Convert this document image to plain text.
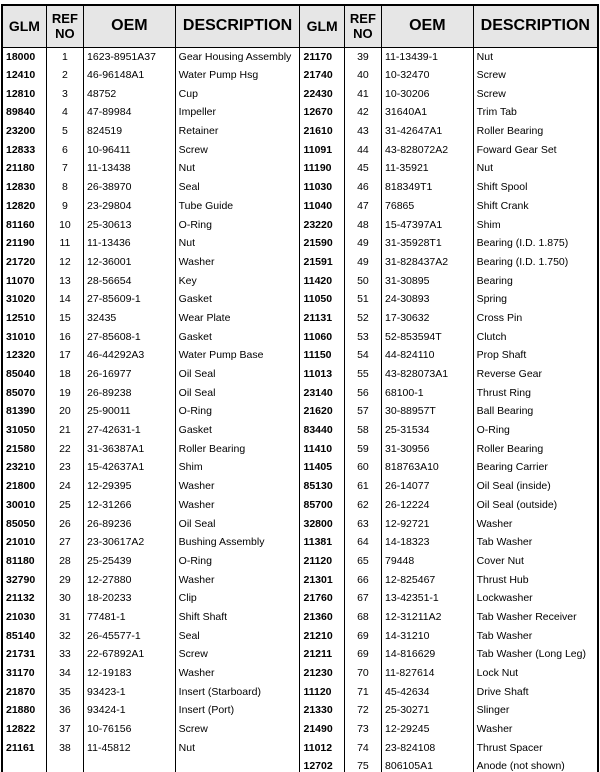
GLM	REF NO	OEM	DESCRIPTION	GLM	REF NO	OEM	DESCRIPTION
18000	1	1623-8951A37	Gear Housing Assembly	21170	39	11-13439-1	Nut
12410	2	46-96148A1	Water Pump Hsg	21740	40	10-32470	Screw
12810	3	48752	Cup	22430	41	10-30206	Screw
89840	4	47-89984	Impeller	12670	42	31640A1	Trim Tab
23200	5	824519	Retainer	21610	43	31-42647A1	Roller Bearing
12833	6	10-96411	Screw	11091	44	43-828072A2	Foward Gear Set
21180	7	11-13438	Nut	11190	45	11-35921	Nut
12830	8	26-38970	Seal	11030	46	818349T1	Shift Spool
12820	9	23-29804	Tube Guide	11040	47	76865	Shift Crank
81160	10	25-30613	O-Ring	23220	48	15-47397A1	Shim
21190	11	11-13436	Nut	21590	49	31-35928T1	Bearing (I.D. 1.875)
21720	12	12-36001	Washer	21591	49	31-828437A2	Bearing (I.D. 1.750)
11070	13	28-56654	Key	11420	50	31-30895	Bearing
31020	14	27-85609-1	Gasket	11050	51	24-30893	Spring
12510	15	32435	Wear Plate	21131	52	17-30632	Cross Pin
31010	16	27-85608-1	Gasket	11060	53	52-853594T	Clutch
12320	17	46-44292A3	Water Pump Base	11150	54	44-824110	Prop Shaft
85040	18	26-16977	Oil Seal	11013	55	43-828073A1	Reverse Gear
85070	19	26-89238	Oil Seal	23140	56	68100-1	Thrust Ring
81390	20	25-90011	O-Ring	21620	57	30-88957T	Ball Bearing
31050	21	27-42631-1	Gasket	83440	58	25-31534	O-Ring
21580	22	31-36387A1	Roller Bearing	11410	59	31-30956	Roller Bearing
23210	23	15-42637A1	Shim	11405	60	818763A10	Bearing Carrier
21800	24	12-29395	Washer	85130	61	26-14077	Oil Seal (inside)
30010	25	12-31266	Washer	85700	62	26-12224	Oil Seal (outside)
85050	26	26-89236	Oil Seal	32800	63	12-92721	Washer
21010	27	23-30617A2	Bushing Assembly	11381	64	14-18323	Tab Washer
81180	28	25-25439	O-Ring	21120	65	79448	Cover Nut
32790	29	12-27880	Washer	21301	66	12-825467	Thrust Hub
21132	30	18-20233	Clip	21760	67	13-42351-1	Lockwasher
21030	31	77481-1	Shift Shaft	21360	68	12-31211A2	Tab Washer Receiver
85140	32	26-45577-1	Seal	21210	69	14-31210	Tab Washer
21731	33	22-67892A1	Screw	21211	69	14-816629	Tab Washer (Long Leg)
31170	34	12-19183	Washer	21230	70	11-827614	Lock Nut
21870	35	93423-1	Insert (Starboard)	11120	71	45-42634	Drive Shaft
21880	36	93424-1	Insert (Port)	21330	72	25-30271	Slinger
12822	37	10-76156	Screw	21490	73	12-29245	Washer
21161	38	11-45812	Nut	11012	74	23-824108	Thrust Spacer
				12702	75	806105A1	Anode (not shown)
